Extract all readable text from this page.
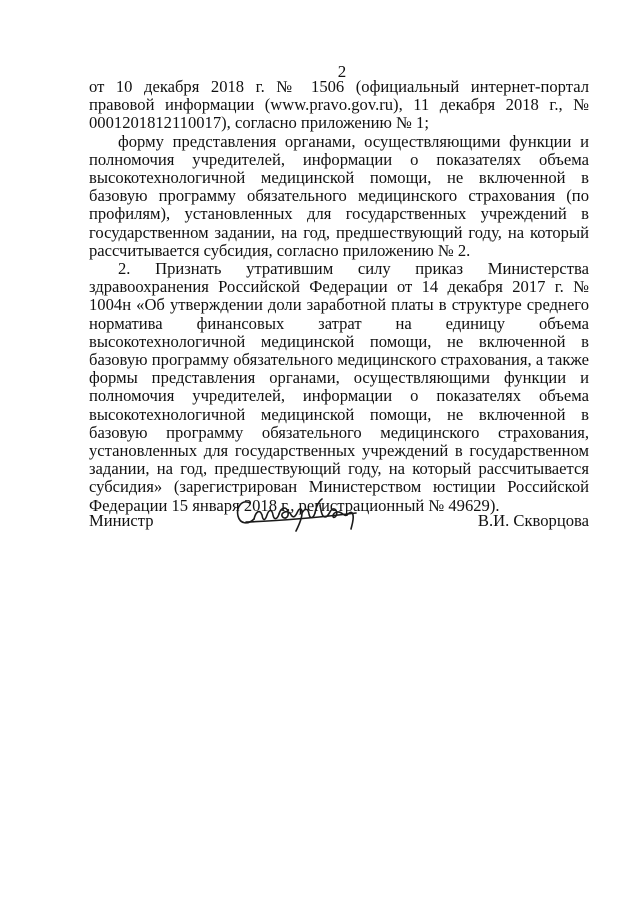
2

от 10 декабря 2018 г. № 1506 (официальный интернет-портал правовой информации (www.pravo.gov.ru), 11 декабря 2018 г., № 0001201812110017), согласно приложению № 1;

форму представления органами, осуществляющими функции и полномочия учредителей, информации о показателях объема высокотехнологичной медицинской помощи, не включенной в базовую программу обязательного медицинского страхования (по профилям), установленных для государственных учреждений в государственном задании, на год, предшествующий году, на который рассчитывается субсидия, согласно приложению № 2.

2. Признать утратившим силу приказ Министерства здравоохранения Российской Федерации от 14 декабря 2017 г. № 1004н «Об утверждении доли заработной платы в структуре среднего норматива финансовых затрат на единицу объема высокотехнологичной медицинской помощи, не включенной в базовую программу обязательного медицинского страхования, а также формы представления органами, осуществляющими функции и полномочия учредителей, информации о показателях объема высокотехнологичной медицинской помощи, не включенной в базовую программу обязательного медицинского страхования, установленных для государственных учреждений в государственном задании, на год, предшествующий году, на который рассчитывается субсидия» (зарегистрирован Министерством юстиции Российской Федерации 15 января 2018 г., регистрационный № 49629).

Министр	В.И. Скворцова
